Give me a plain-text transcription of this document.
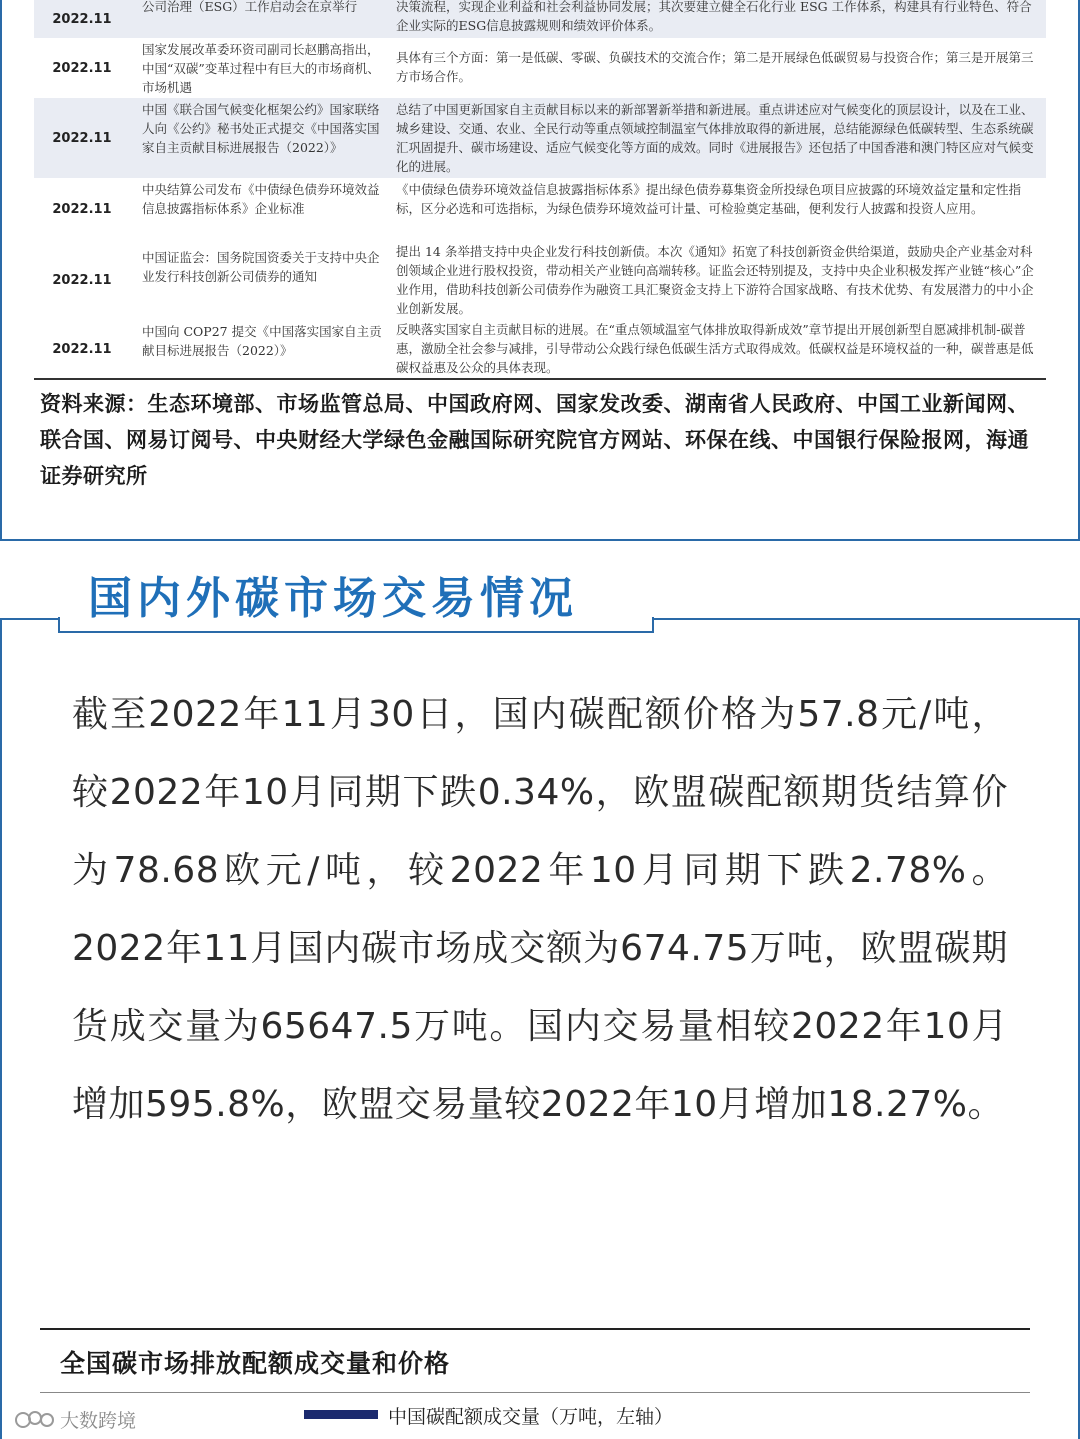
2022.11
公司治理（ESG）工作启动会在京举行	决策流程，实现企业利益和社会利益协同发展；其次要建立健全石化行业 ESG 工作体系，构建具有行业特色、符合企业实际的ESG信息披露规则和绩效评价体系。
2022.11
国家发展改革委环资司副司长赵鹏高指出，中国“双碳”变革过程中有巨大的市场商机、市场机遇
具体有三个方面：第一是低碳、零碳、负碳技术的交流合作；第二是开展绿色低碳贸易与投资合作；第三是开展第三方市场合作。
2022.11
中国《联合国气候变化框架公约》国家联络人向《公约》秘书处正式提交《中国落实国家自主贡献目标进展报告（2022）》
总结了中国更新国家自主贡献目标以来的新部署新举措和新进展。重点讲述应对气候变化的顶层设计，以及在工业、城乡建设、交通、农业、全民行动等重点领域控制温室气体排放取得的新进展，总结能源绿色低碳转型、生态系统碳汇巩固提升、碳市场建设、适应气候变化等方面的成效。同时《进展报告》还包括了中国香港和澳门特区应对气候变化的进展。
2022.11
中央结算公司发布《中债绿色债券环境效益信息披露指标体系》企业标准
《中债绿色债券环境效益信息披露指标体系》提出绿色债券募集资金所投绿色项目应披露的环境效益定量和定性指标，区分必选和可选指标，为绿色债券环境效益可计量、可检验奠定基础，便利发行人披露和投资人应用。
2022.11
中国证监会：国务院国资委关于支持中央企业发行科技创新公司债券的通知
提出 14 条举措支持中央企业发行科技创新债。本次《通知》拓宽了科技创新资金供给渠道，鼓励央企产业基金对科创领域企业进行股权投资，带动相关产业链向高端转移。证监会还特别提及，支持中央企业积极发挥产业链“核心”企业作用，借助科技创新公司债券作为融资工具汇聚资金支持上下游符合国家战略、有技术优势、有发展潜力的中小企业创新发展。
2022.11
中国向 COP27 提交《中国落实国家自主贡献目标进展报告（2022）》
反映落实国家自主贡献目标的进展。在“重点领域温室气体排放取得新成效”章节提出开展创新型自愿减排机制-碳普惠，激励全社会参与减排，引导带动公众践行绿色低碳生活方式取得成效。低碳权益是环境权益的一种，碳普惠是低碳权益惠及公众的具体表现。
资料来源：生态环境部、市场监管总局、中国政府网、国家发改委、湖南省人民政府、中国工业新闻网、联合国、网易订阅号、中央财经大学绿色金融国际研究院官方网站、环保在线、中国银行保险报网，海通证券研究所
国内外碳市场交易情况
截至2022年11月30日，国内碳配额价格为57.8元/吨，较2022年10月同期下跌0.34%，欧盟碳配额期货结算价为78.68欧元/吨，较2022年10月同期下跌2.78%。2022年11月国内碳市场成交额为674.75万吨，欧盟碳期货成交量为65647.5万吨。国内交易量相较2022年10月增加595.8%，欧盟交易量较2022年10月增加18.27%。
全国碳市场排放配额成交量和价格
中国碳配额成交量（万吨，左轴）
大数跨境
